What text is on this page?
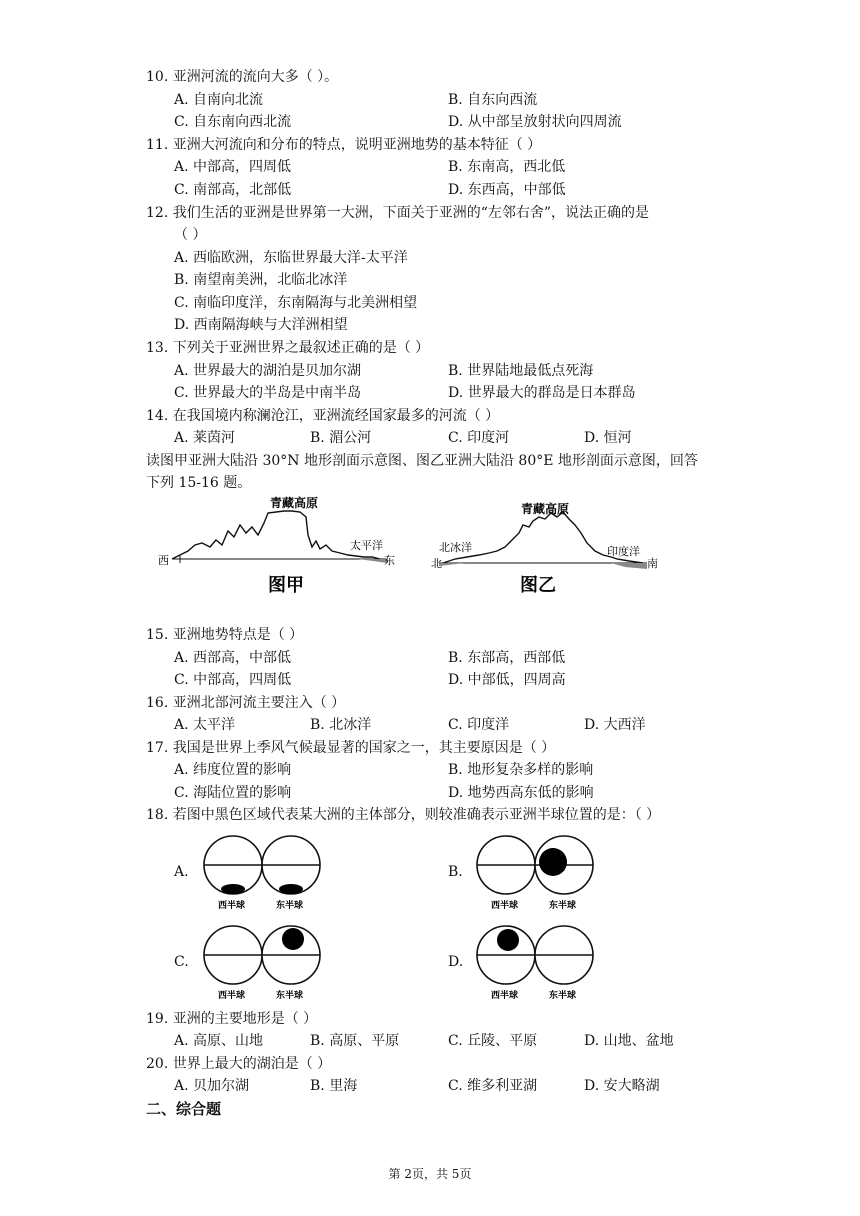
10. 亚洲河流的流向大多（ ）。
A. 自南向北流	B. 自东向西流
C. 自东南向西北流	D. 从中部呈放射状向四周流
11. 亚洲大河流向和分布的特点，说明亚洲地势的基本特征（ ）
A. 中部高，四周低	B. 东南高，西北低
C. 南部高，北部低	D. 东西高，中部低
12. 我们生活的亚洲是世界第一大洲，下面关于亚洲的“左邻右舍”，说法正确的是
（ ）
A. 西临欧洲，东临世界最大洋-太平洋
B. 南望南美洲，北临北冰洋
C. 南临印度洋，东南隔海与北美洲相望
D. 西南隔海峡与大洋洲相望
13. 下列关于亚洲世界之最叙述正确的是（ ）
A. 世界最大的湖泊是贝加尔湖	B. 世界陆地最低点死海
C. 世界最大的半岛是中南半岛	D. 世界最大的群岛是日本群岛
14. 在我国境内称澜沧江，亚洲流经国家最多的河流（ ）
A. 莱茵河	B. 湄公河	C. 印度河	D. 恒河
读图甲亚洲大陆沿 30°N 地形剖面示意图、图乙亚洲大陆沿 80°E 地形剖面示意图，回答
下列 15-16 题。
西	东
青藏高原
太平洋
图甲
北	南
北冰洋	印度洋
青藏高原
图乙
15. 亚洲地势特点是（ ）
A. 西部高，中部低	B. 东部高，西部低
C. 中部高，四周低	D. 中部低，四周高
16. 亚洲北部河流主要注入（ ）
A. 太平洋	B. 北冰洋	C. 印度洋	D. 大西洋
17. 我国是世界上季风气候最显著的国家之一，其主要原因是（ ）
A. 纬度位置的影响	B. 地形复杂多样的影响
C. 海陆位置的影响	D. 地势西高东低的影响
18. 若图中黑色区域代表某大洲的主体部分，则较准确表示亚洲半球位置的是：（ ）
A.
西半球	东半球
B.
西半球	东半球
C.
西半球	东半球
D.
西半球	东半球
19. 亚洲的主要地形是（ ）
A. 高原、山地	B. 高原、平原	C. 丘陵、平原	D. 山地、盆地
20. 世界上最大的湖泊是（ ）
A. 贝加尔湖	B. 里海	C. 维多利亚湖	D. 安大略湖
二、综合题
第 2页，共 5页
